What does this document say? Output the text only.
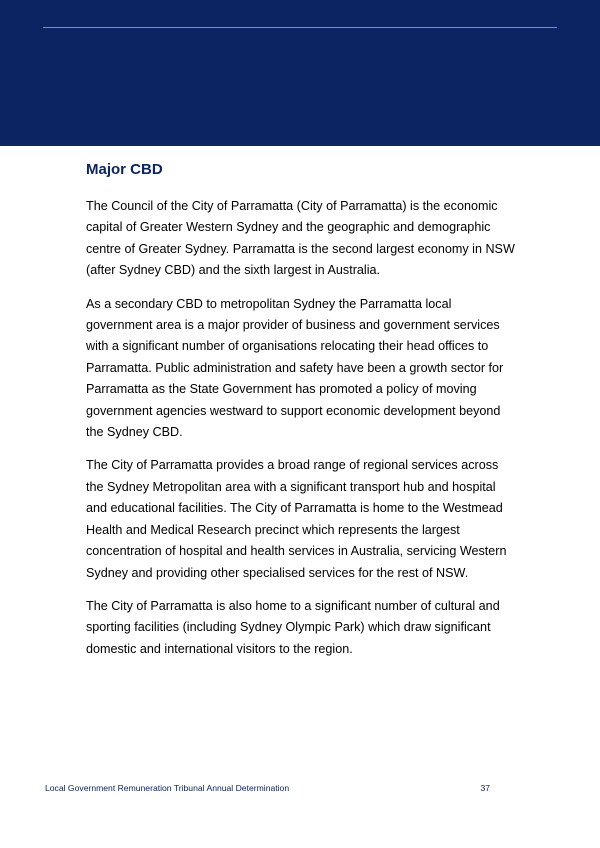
Major CBD

The Council of the City of Parramatta (City of Parramatta) is the economic capital of Greater Western Sydney and the geographic and demographic centre of Greater Sydney. Parramatta is the second largest economy in NSW (after Sydney CBD) and the sixth largest in Australia.

As a secondary CBD to metropolitan Sydney the Parramatta local government area is a major provider of business and government services with a significant number of organisations relocating their head offices to Parramatta. Public administration and safety have been a growth sector for Parramatta as the State Government has promoted a policy of moving government agencies westward to support economic development beyond the Sydney CBD.

The City of Parramatta provides a broad range of regional services across the Sydney Metropolitan area with a significant transport hub and hospital and educational facilities. The City of Parramatta is home to the Westmead Health and Medical Research precinct which represents the largest concentration of hospital and health services in Australia, servicing Western Sydney and providing other specialised services for the rest of NSW.

The City of Parramatta is also home to a significant number of cultural and sporting facilities (including Sydney Olympic Park) which draw significant domestic and international visitors to the region.

Local Government Remuneration Tribunal Annual Determination	37
